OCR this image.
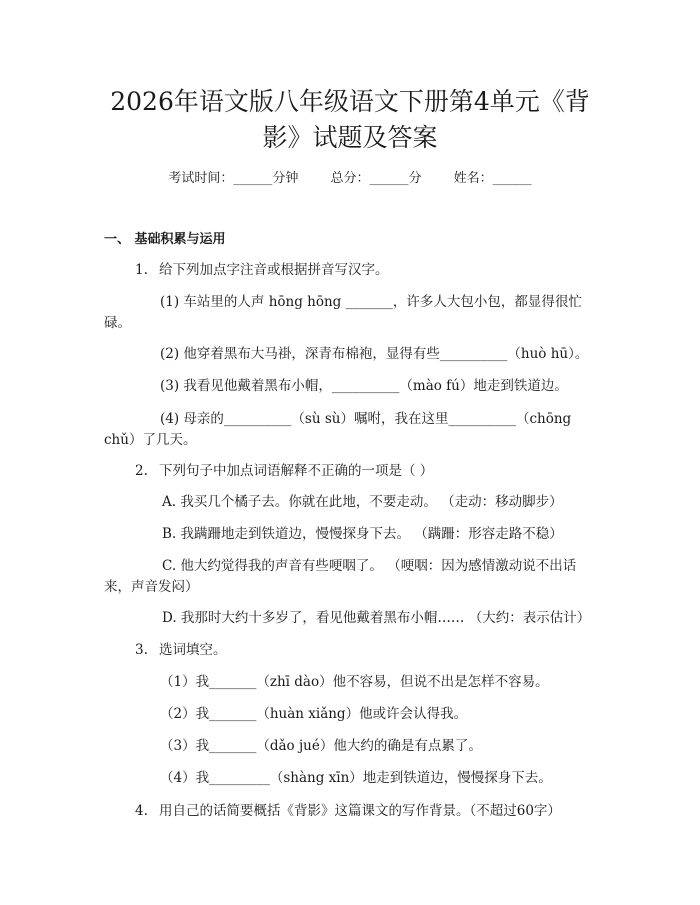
2026年语文版八年级语文下册第4单元《背
影》试题及答案
考试时间：______分钟 总分：______分 姓名：______

一、 基础积累与运用

1. 给下列加点字注音或根据拼音写汉字。

(1) 车站里的人声 hōng hōng _______，许多人大包小包，都显得很忙

碌。

(2) 他穿着黑布大马褂，深青布棉袍，显得有些__________（huò hū）。

(3) 我看见他戴着黑布小帽，__________（mào fú）地走到铁道边。

(4) 母亲的__________（sù sù）嘱咐，我在这里__________（chōng

chǔ）了几天。

2. 下列句子中加点词语解释不正确的一项是（ ）

A. 我买几个橘子去。你就在此地，不要走动。 （走动：移动脚步）

B. 我蹒跚地走到铁道边，慢慢探身下去。 （蹒跚：形容走路不稳）

C. 他大约觉得我的声音有些哽咽了。 （哽咽：因为感情激动说不出话

来，声音发闷）

D. 我那时大约十多岁了，看见他戴着黑布小帽…… （大约：表示估计）

3. 选词填空。

（1）我_______（zhī dào）他不容易，但说不出是怎样不容易。

（2）我_______（huàn xiǎng）他或许会认得我。

（3）我_______（dǎo jué）他大约的确是有点累了。

（4）我_________（shàng xīn）地走到铁道边，慢慢探身下去。

4. 用自己的话简要概括《背影》这篇课文的写作背景。（不超过60字）
